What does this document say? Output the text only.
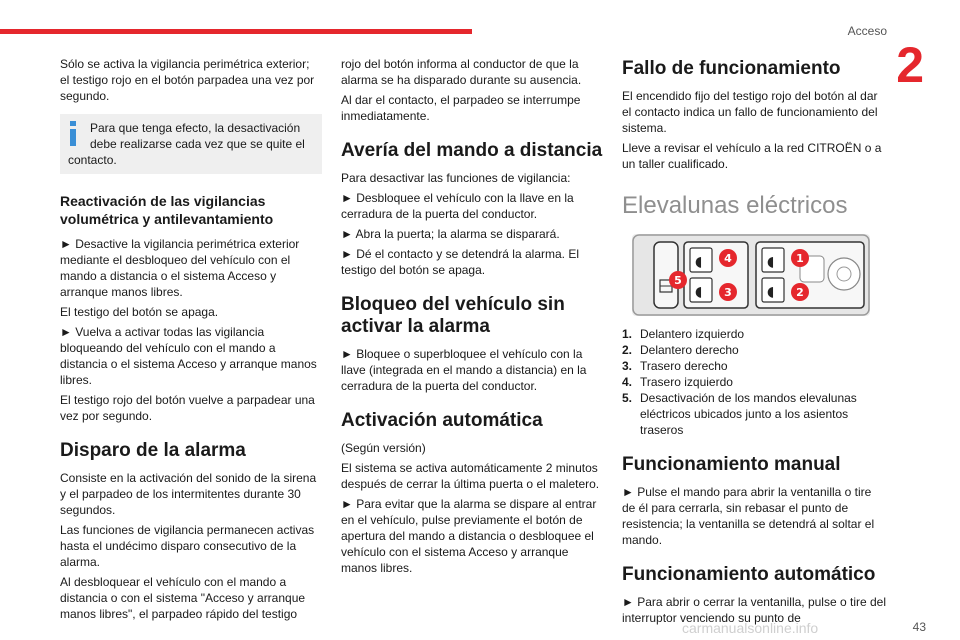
Acceso
2

Sólo se activa la vigilancia perimétrica exterior; el testigo rojo en el botón parpadea una vez por segundo.

Para que tenga efecto, la desactivación

debe realizarse cada vez que se quite el

contacto.

Reactivación de las vigilancias volumétrica y antilevantamiento

► Desactive la vigilancia perimétrica exterior mediante el desbloqueo del vehículo con el mando a distancia o el sistema Acceso y arranque manos libres.

El testigo del botón se apaga.

► Vuelva a activar todas las vigilancia bloqueando del vehículo con el mando a distancia o el sistema Acceso y arranque manos libres.

El testigo rojo del botón vuelve a parpadear una vez por segundo.

Disparo de la alarma

Consiste en la activación del sonido de la sirena y el parpadeo de los intermitentes durante 30 segundos.

Las funciones de vigilancia permanecen activas hasta el undécimo disparo consecutivo de la alarma.

Al desbloquear el vehículo con el mando a distancia o con el sistema "Acceso y arranque manos libres", el parpadeo rápido del testigo

rojo del botón informa al conductor de que la alarma se ha disparado durante su ausencia.

Al dar el contacto, el parpadeo se interrumpe inmediatamente.

Avería del mando a distancia

Para desactivar las funciones de vigilancia:

► Desbloquee el vehículo con la llave en la cerradura de la puerta del conductor.

► Abra la puerta; la alarma se disparará.

► Dé el contacto y se detendrá la alarma. El testigo del botón se apaga.

Bloqueo del vehículo sin activar la alarma

► Bloquee o superbloquee el vehículo con la llave (integrada en el mando a distancia) en la cerradura de la puerta del conductor.

Activación automática

(Según versión)

El sistema se activa automáticamente 2 minutos después de cerrar la última puerta o el maletero.

► Para evitar que la alarma se dispare al entrar en el vehículo, pulse previamente el botón de apertura del mando a distancia o desbloquee el vehículo con el sistema Acceso y arranque manos libres.

Fallo de funcionamiento

El encendido fijo del testigo rojo del botón al dar el contacto indica un fallo de funcionamiento del sistema.

Lleve a revisar el vehículo a la red CITROËN o a un taller cualificado.

Elevalunas eléctricos
◖
◖
◖
◖
1
2
3
4
5
1. Delantero izquierdo
2. Delantero derecho
3. Trasero derecho
4. Trasero izquierdo
5. Desactivación de los mandos elevalunas eléctricos ubicados junto a los asientos traseros
Funcionamiento manual

► Pulse el mando para abrir la ventanilla o tire de él para cerrarla, sin rebasar el punto de resistencia; la ventanilla se detendrá al soltar el mando.

Funcionamiento automático

► Para abrir o cerrar la ventanilla, pulse o tire del interruptor venciendo su punto de

carmanualsonline.info	43
